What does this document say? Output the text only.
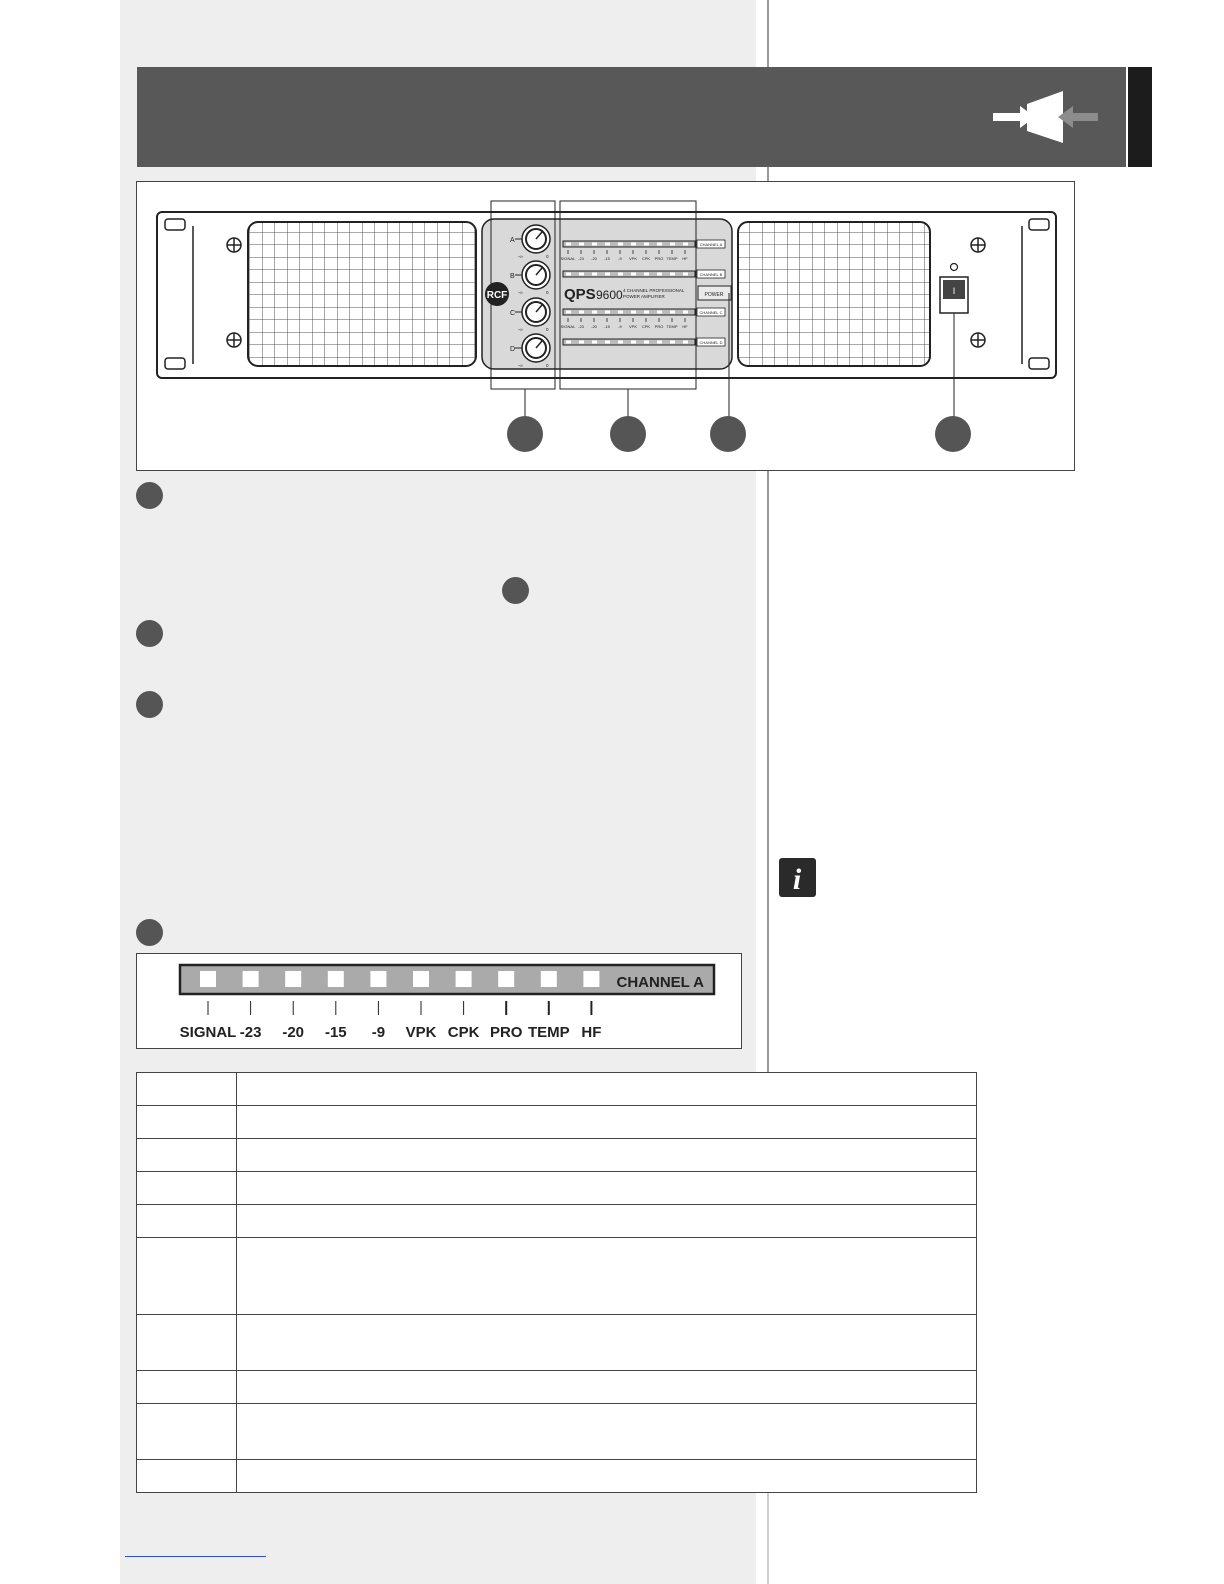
RCF
A
-∞	0
B
-∞	0
C
-∞	0
D
-∞	0
QPS 9600 4 CHANNEL PROFESSIONAL
POWER AMPLIFIER	POWER
CHANNEL A
SIGNAL -23 -20 -15 -9 VPK CPK PRO TEMP HF
CHANNEL B
CHANNEL C
SIGNAL -23 -20 -15 -9 VPK CPK PRO TEMP HF
CHANNEL D
I
i
CHANNEL A
SIGNAL -23 -20 -15 -9 VPK CPK PRO TEMP HF
